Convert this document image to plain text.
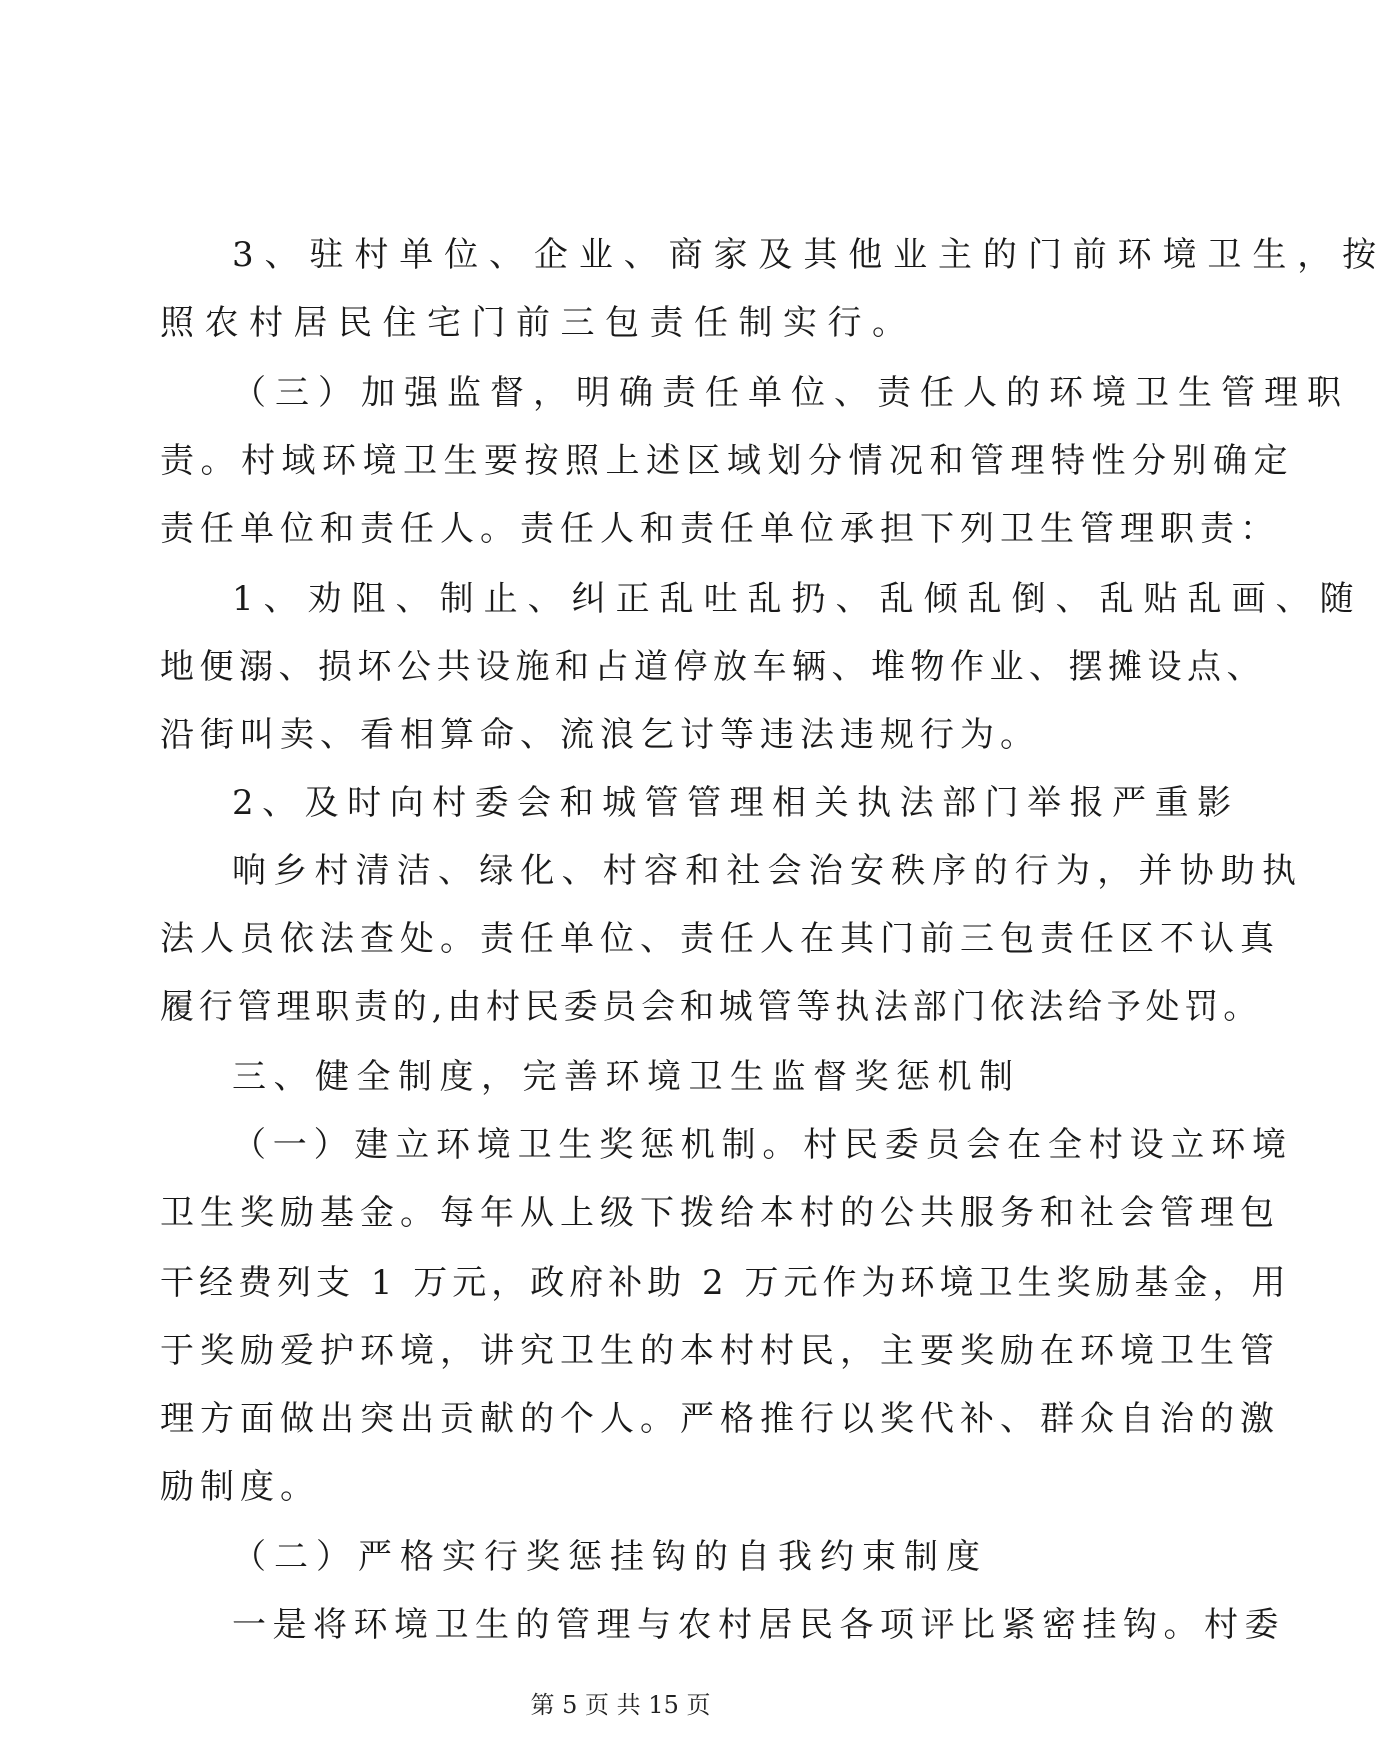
3、驻村单位、企业、商家及其他业主的门前环境卫生，按
照农村居民住宅门前三包责任制实行。
（三）加强监督，明确责任单位、责任人的环境卫生管理职
责。村域环境卫生要按照上述区域划分情况和管理特性分别确定
责任单位和责任人。责任人和责任单位承担下列卫生管理职责：
1、劝阻、制止、纠正乱吐乱扔、乱倾乱倒、乱贴乱画、随
地便溺、损坏公共设施和占道停放车辆、堆物作业、摆摊设点、
沿街叫卖、看相算命、流浪乞讨等违法违规行为。
2、及时向村委会和城管管理相关执法部门举报严重影
响乡村清洁、绿化、村容和社会治安秩序的行为，并协助执
法人员依法查处。责任单位、责任人在其门前三包责任区不认真
履行管理职责的,由村民委员会和城管等执法部门依法给予处罚。
三、健全制度，完善环境卫生监督奖惩机制
（一）建立环境卫生奖惩机制。村民委员会在全村设立环境
卫生奖励基金。每年从上级下拨给本村的公共服务和社会管理包
干经费列支 1 万元，政府补助 2 万元作为环境卫生奖励基金，用
于奖励爱护环境，讲究卫生的本村村民，主要奖励在环境卫生管
理方面做出突出贡献的个人。严格推行以奖代补、群众自治的激
励制度。
（二）严格实行奖惩挂钩的自我约束制度
一是将环境卫生的管理与农村居民各项评比紧密挂钩。村委
第 5 页 共 15 页
